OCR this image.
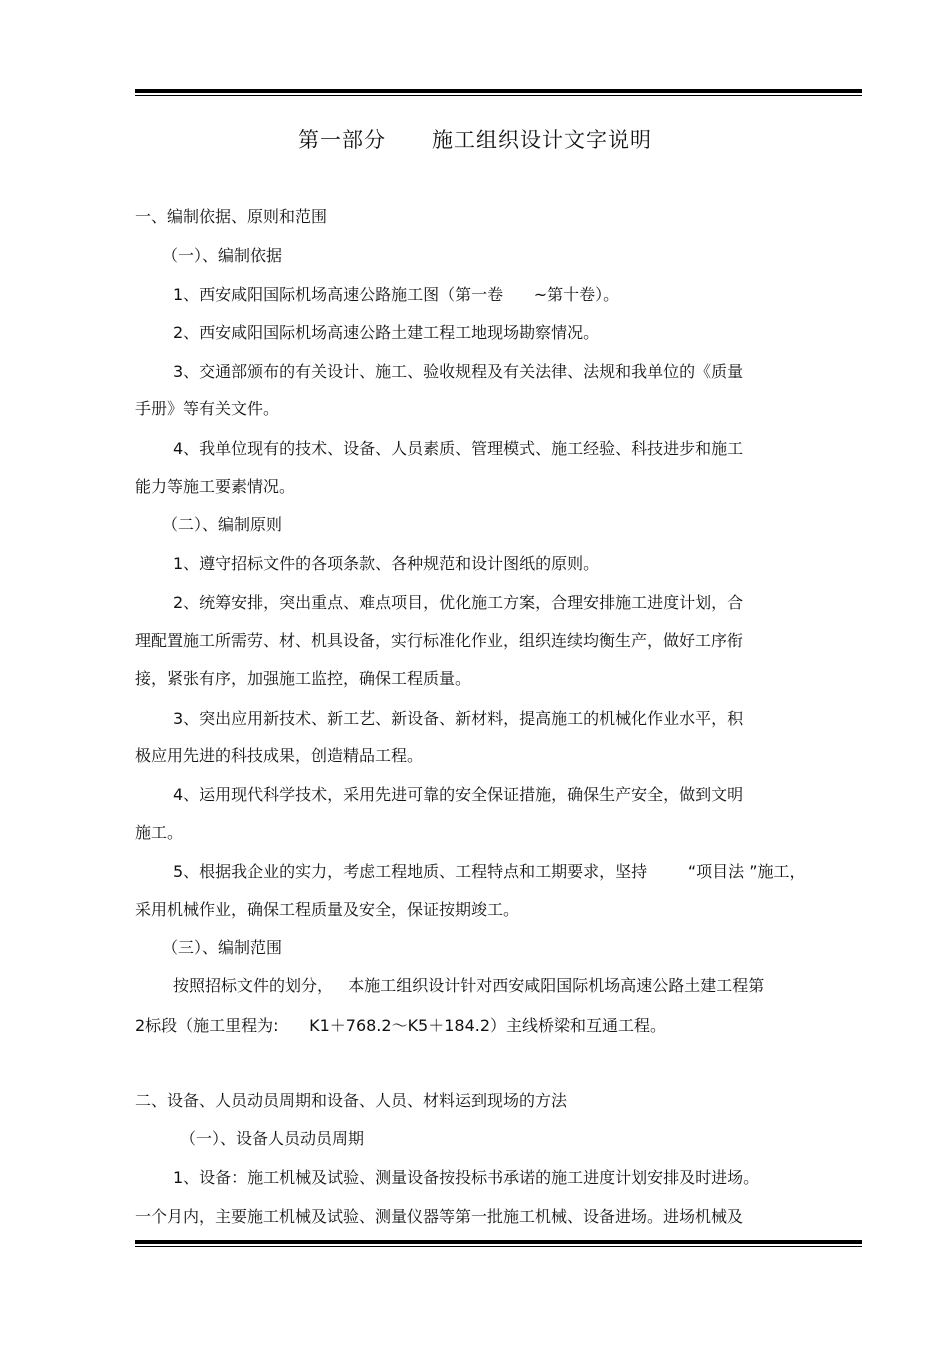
第一部分      施工组织设计文字说明
一、编制依据、原则和范围
（一）、编制依据
1、西安咸阳国际机场高速公路施工图（第一卷      ~第十卷）。
2、西安咸阳国际机场高速公路土建工程工地现场勘察情况。
3、交通部颁布的有关设计、施工、验收规程及有关法律、法规和我单位的《质量
手册》等有关文件。
4、我单位现有的技术、设备、人员素质、管理模式、施工经验、科技进步和施工
能力等施工要素情况。
（二）、编制原则
1、遵守招标文件的各项条款、各种规范和设计图纸的原则。
2、统筹安排，突出重点、难点项目，优化施工方案，合理安排施工进度计划，合
理配置施工所需劳、材、机具设备，实行标准化作业，组织连续均衡生产，做好工序衔
接，紧张有序，加强施工监控，确保工程质量。
3、突出应用新技术、新工艺、新设备、新材料，提高施工的机械化作业水平，积
极应用先进的科技成果，创造精品工程。
4、运用现代科学技术，采用先进可靠的安全保证措施，确保生产安全，做到文明
施工。
5、根据我企业的实力，考虑工程地质、工程特点和工期要求，坚持        “项目法 ”施工，
采用机械作业，确保工程质量及安全，保证按期竣工。
（三）、编制范围
按照招标文件的划分，   本施工组织设计针对西安咸阳国际机场高速公路土建工程第
2标段（施工里程为:      K1＋768.2～K5＋184.2）主线桥梁和互通工程。
二、设备、人员动员周期和设备、人员、材料运到现场的方法
（一）、设备人员动员周期
1、设备：施工机械及试验、测量设备按投标书承诺的施工进度计划安排及时进场。
一个月内，主要施工机械及试验、测量仪器等第一批施工机械、设备进场。进场机械及
